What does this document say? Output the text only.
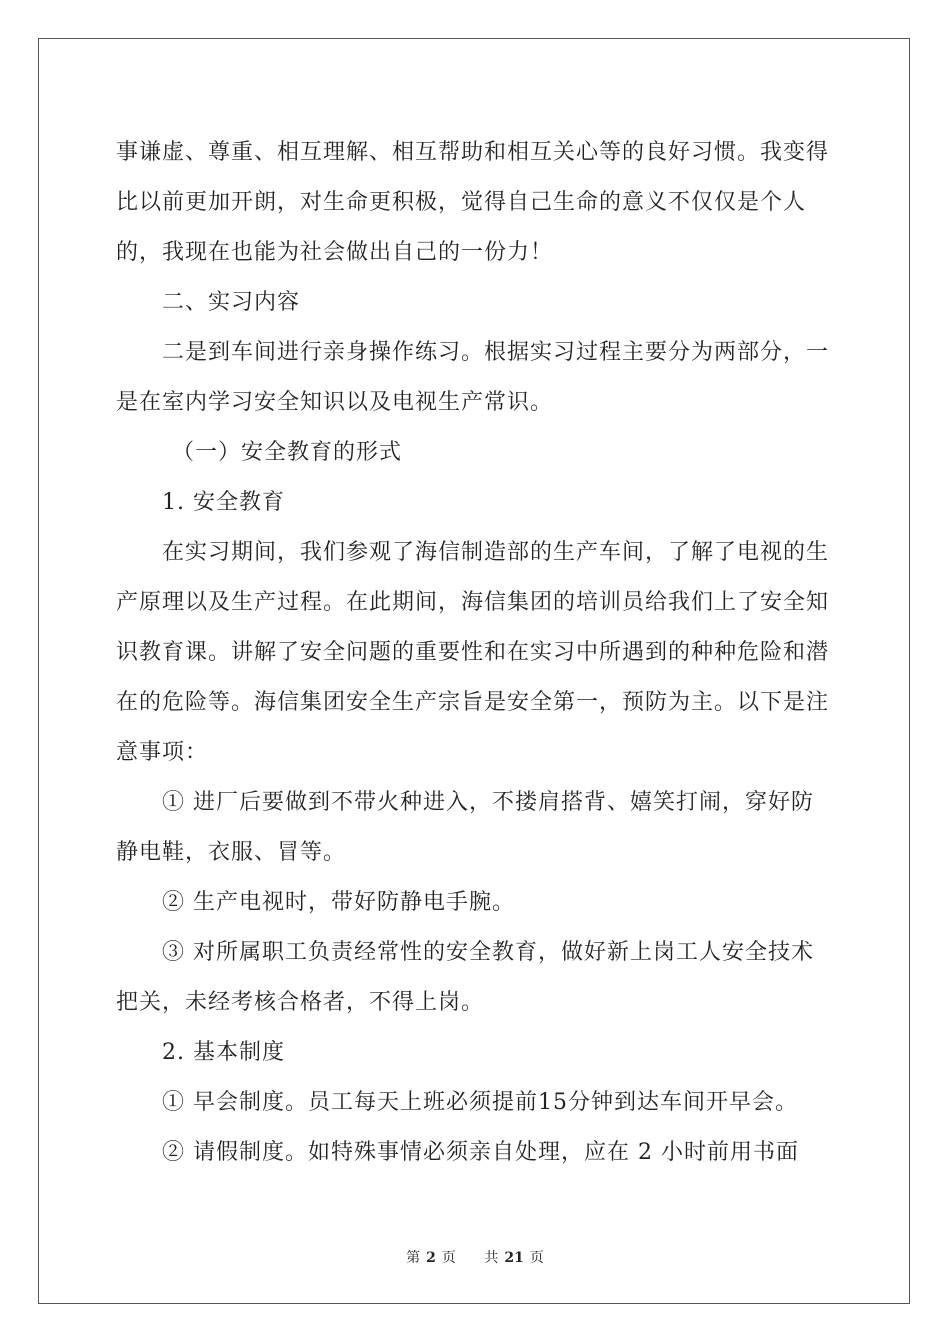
事谦虚、尊重、相互理解、相互帮助和相互关心等的良好习惯。我变得比以前更加开朗，对生命更积极，觉得自己生命的意义不仅仅是个人的，我现在也能为社会做出自己的一份力！

二、实习内容

二是到车间进行亲身操作练习。根据实习过程主要分为两部分，一是在室内学习安全知识以及电视生产常识。

（一）安全教育的形式

1. 安全教育

在实习期间，我们参观了海信制造部的生产车间，了解了电视的生产原理以及生产过程。在此期间，海信集团的培训员给我们上了安全知识教育课。讲解了安全问题的重要性和在实习中所遇到的种种危险和潜在的危险等。海信集团安全生产宗旨是安全第一，预防为主。以下是注意事项：

① 进厂后要做到不带火种进入，不搂肩搭背、嬉笑打闹，穿好防静电鞋，衣服、冒等。

② 生产电视时，带好防静电手腕。

③ 对所属职工负责经常性的安全教育，做好新上岗工人安全技术把关，未经考核合格者，不得上岗。

2. 基本制度

① 早会制度。员工每天上班必须提前15分钟到达车间开早会。

② 请假制度。如特殊事情必须亲自处理，应在 2 小时前用书面

第 2 页 共 21 页
